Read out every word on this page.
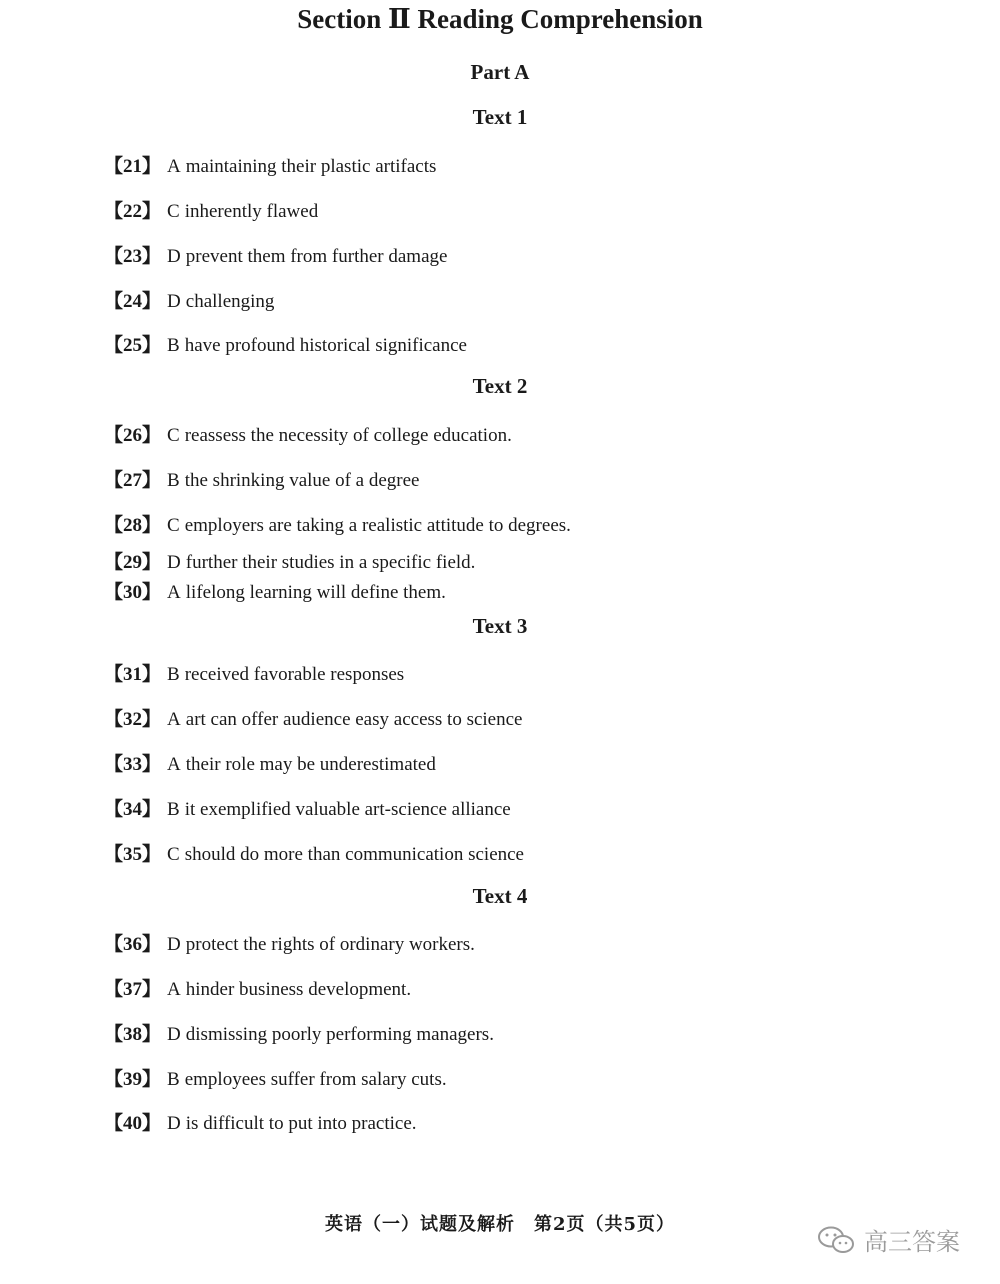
Section Ⅱ Reading Comprehension
Part A
Text 1
【21】 A maintaining their plastic artifacts
【22】 C inherently flawed
【23】 D prevent them from further damage
【24】 D challenging
【25】 B have profound historical significance
Text 2
【26】 C reassess the necessity of college education.
【27】 B the shrinking value of a degree
【28】 C employers are taking a realistic attitude to degrees.
【29】 D further their studies in a specific field.
【30】 A lifelong learning will define them.
Text 3
【31】 B received favorable responses
【32】 A art can offer audience easy access to science
【33】 A their role may be underestimated
【34】 B it exemplified valuable art-science alliance
【35】 C should do more than communication science
Text 4
【36】 D protect the rights of ordinary workers.
【37】 A hinder business development.
【38】 D dismissing poorly performing managers.
【39】 B employees suffer from salary cuts.
【40】 D is difficult to put into practice.
英语（一）试题及解析　第2页（共5页）
高三答案
